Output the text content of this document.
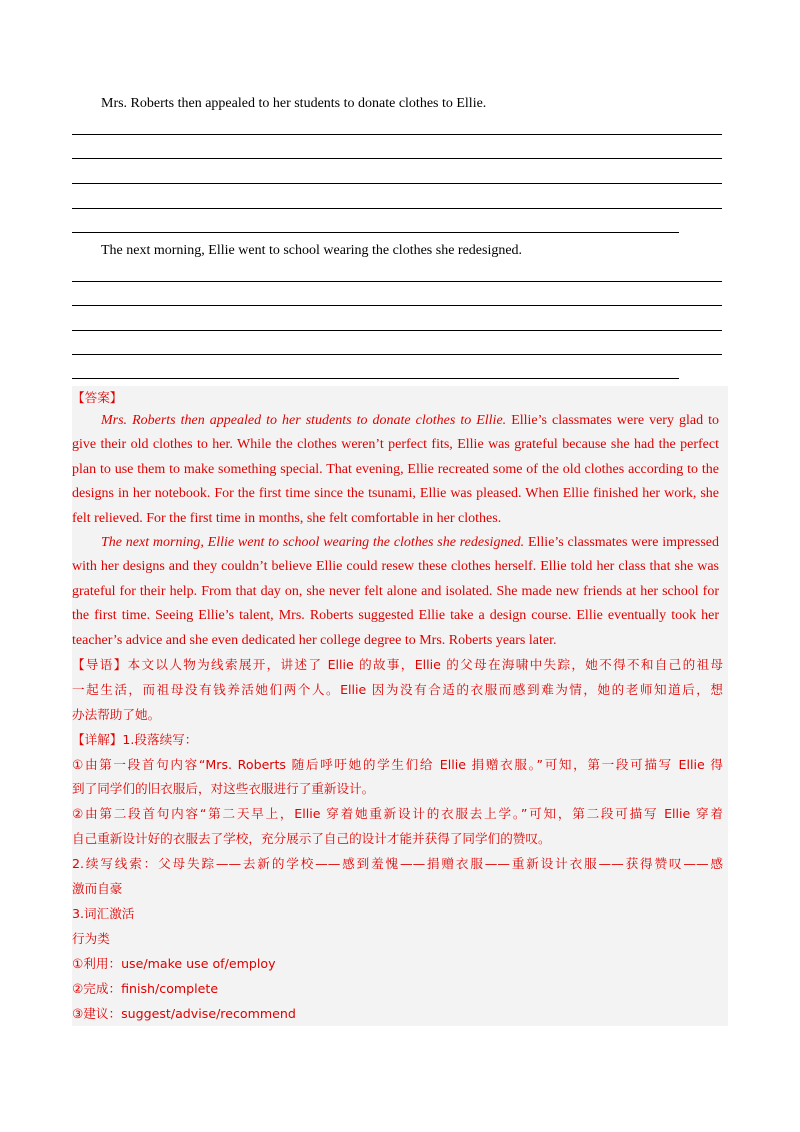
Mrs. Roberts then appealed to her students to donate clothes to Ellie.
The next morning, Ellie went to school wearing the clothes she redesigned.
【答案】
Mrs. Roberts then appealed to her students to donate clothes to Ellie. Ellie’s classmates were very glad to
give their old clothes to her. While the clothes weren’t perfect fits, Ellie was grateful because she had the perfect
plan to use them to make something special. That evening, Ellie recreated some of the old clothes according to the
designs in her notebook. For the first time since the tsunami, Ellie was pleased. When Ellie finished her work, she
felt relieved. For the first time in months, she felt comfortable in her clothes.
The next morning, Ellie went to school wearing the clothes she redesigned. Ellie’s classmates were impressed
with her designs and they couldn’t believe Ellie could resew these clothes herself. Ellie told her class that she was
grateful for their help. From that day on, she never felt alone and isolated. She made new friends at her school for
the first time. Seeing Ellie’s talent, Mrs. Roberts suggested Ellie take a design course. Ellie eventually took her
teacher’s advice and she even dedicated her college degree to Mrs. Roberts years later.
【导语】本文以人物为线索展开，讲述了 Ellie 的故事，Ellie 的父母在海啸中失踪，她不得不和自己的祖母
一起生活，而祖母没有钱养活她们两个人。Ellie 因为没有合适的衣服而感到难为情，她的老师知道后，想
办法帮助了她。
【详解】1.段落续写：
①由第一段首句内容“Mrs. Roberts 随后呼吁她的学生们给 Ellie 捐赠衣服。”可知，第一段可描写 Ellie 得
到了同学们的旧衣服后，对这些衣服进行了重新设计。
②由第二段首句内容“第二天早上，Ellie 穿着她重新设计的衣服去上学。”可知，第二段可描写 Ellie 穿着
自己重新设计好的衣服去了学校，充分展示了自己的设计才能并获得了同学们的赞叹。
2.续写线索：父母失踪——去新的学校——感到羞愧——捐赠衣服——重新设计衣服——获得赞叹——感
激而自豪
3.词汇激活
行为类
①利用：use/make use of/employ
②完成：finish/complete
③建议：suggest/advise/recommend
